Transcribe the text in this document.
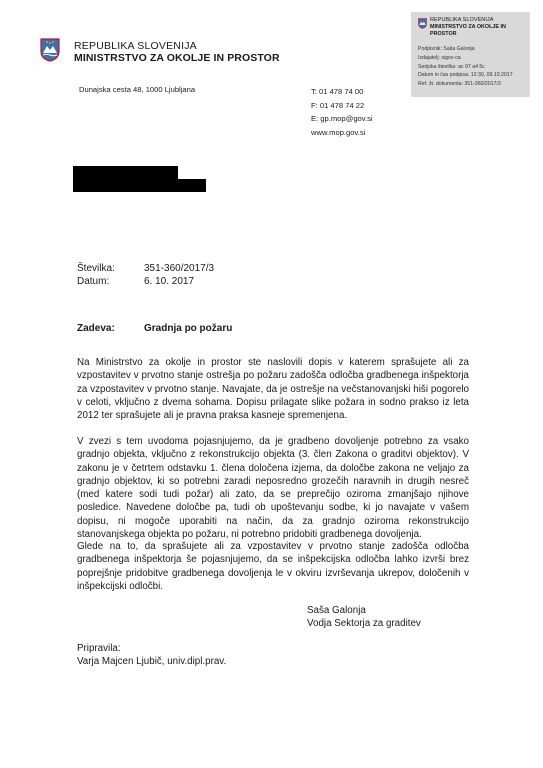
REPUBLIKA SLOVENIJA
MINISTRSTVO ZA OKOLJE IN PROSTOR
Dunajska cesta 48, 1000 Ljubljana	T: 01 478 74 00
F: 01 478 74 22
E: gp.mop@gov.si
www.mop.gov.si
REPUBLIKA SLOVENIJA
MINISTRSTVO ZA OKOLJE IN PROSTOR
Podpisnik: Saša Galonja
Izdajatelj: sigov-ca
Serijska številka: ac 97 a4 5c
Datum in čas podpisa: 12:30, 09.10.2017
Ref. št. dokumenta: 351-360/2017/3
Številka:	351-360/2017/3
Datum:	6. 10. 2017
Zadeva:	Gradnja po požaru

Na Ministrstvo za okolje in prostor ste naslovili dopis v katerem sprašujete ali za vzpostavitev v prvotno stanje ostrešja po požaru zadošča odločba gradbenega inšpektorja za vzpostavitev v prvotno stanje. Navajate, da je ostrešje na večstanovanjski hiši pogorelo v celoti, vključno z dvema sohama. Dopisu prilagate slike požara in sodno prakso iz leta 2012 ter sprašujete ali je pravna praksa kasneje spremenjena.

V zvezi s tem uvodoma pojasnjujemo, da je gradbeno dovoljenje potrebno za vsako gradnjo objekta, vključno z rekonstrukcijo objekta (3. člen Zakona o graditvi objektov). V zakonu je v četrtem odstavku 1. člena določena izjema, da določbe zakona ne veljajo za gradnjo objektov, ki so potrebni zaradi neposredno grozečih naravnih in drugih nesreč (med katere sodi tudi požar) ali zato, da se preprečijo oziroma zmanjšajo njihove posledice. Navedene določbe pa, tudi ob upoštevanju sodbe, ki jo navajate v vašem dopisu, ni mogoče uporabiti na način, da za gradnjo oziroma rekonstrukcijo stanovanjskega objekta po požaru, ni potrebno pridobiti gradbenega dovoljenja.

Glede na to, da sprašujete ali za vzpostavitev v prvotno stanje zadošča odločba gradbenega inšpektorja še pojasnjujemo, da se inšpekcijska odločba lahko izvrši brez poprejšnje pridobitve gradbenega dovoljenja le v okviru izvrševanja ukrepov, določenih v inšpekcijski odločbi.

Saša Galonja
Vodja Sektorja za graditev
Pripravila:
Varja Majcen Ljubič, univ.dipl.prav.
